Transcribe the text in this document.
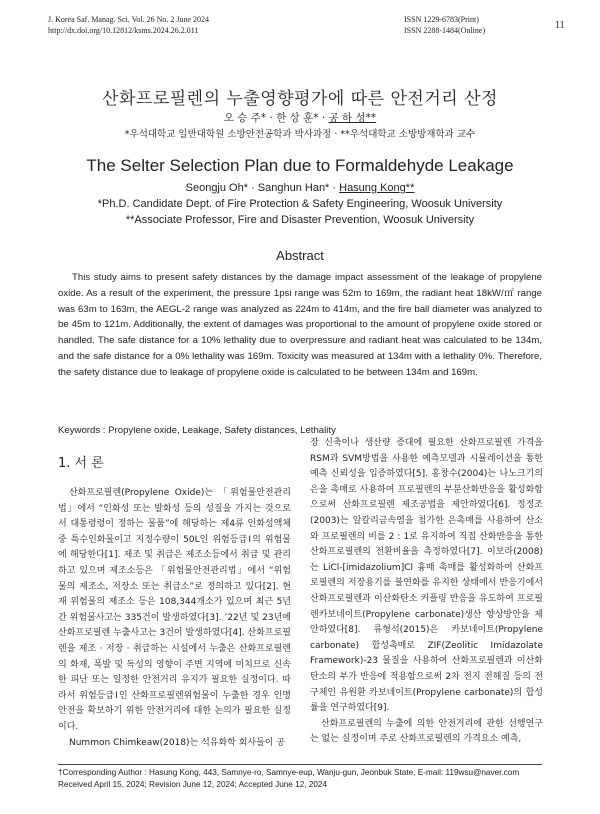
J. Korea Saf. Manag. Sci. Vol. 26 No. 2 June 2024
http://dx.doi.org/10.12812/ksms.2024.26.2.011
ISSN 1229-6783(Print)
ISSN 2288-1484(Online)	11
산화프로필렌의 누출영향평가에 따른 안전거리 산정
오 승 주* · 한 상 훈* · 공 하 성**
*우석대학교 일반대학원 소방안전공학과 박사과정 · **우석대학교 소방방재학과 교수
The Selter Selection Plan due to Formaldehyde Leakage
Seongju Oh* · Sanghun Han* · Hasung Kong**
*Ph.D. Candidate Dept. of Fire Protection & Safety Engineering, Woosuk University
**Associate Professor, Fire and Disaster Prevention, Woosuk University
Abstract

This study aims to present safety distances by the damage impact assessment of the leakage of propylene oxide. As a result of the experiment, the pressure 1psi range was 52m to 169m, the radiant heat 18kW/㎡ range was 63m to 163m, the AEGL-2 range was analyzed as 224m to 414m, and the fire ball diameter was analyzed to be 45m to 121m. Additionally, the extent of damages was proportional to the amount of propylene oxide stored or handled. The safe distance for a 10% lethality due to overpressure and radiant heat was calculated to be 134m, and the safe distance for a 0% lethality was 169m. Toxicity was measured at 134m with a lethality 0%. Therefore, the safety distance due to leakage of propylene oxide is calculated to be between 134m and 169m.

Keywords : Propylene oxide, Leakage, Safety distances, Lethality
1. 서 론

산화프로필렌(Propylene Oxide)는 「위험물안전관리법」에서 “인화성 또는 발화성 등의 성질을 가지는 것으로서 대통령령이 정하는 물품”에 해당하는 제4류 인화성액체 중 특수인화물이고 지정수량이 50L인 위험등급Ⅰ의 위험물에 해당한다[1]. 제조 및 취급은 제조소등에서 취급 및 관리하고 있으며 제조소등은 「위험물안전관리법」에서 “위험물의 제조소, 저장소 또는 취급소”로 정의하고 있다[2]. 현재 위험물의 제조소 등은 108,344개소가 있으며 최근 5년간 위험물사고는 335건이 발생하였다[3]. ’22년 및 23년에 산화프로필렌 누출사고는 3건이 발생하였다[4]. 산화프로필렌을 제조 · 저장 · 취급하는 시설에서 누출은 산화프로필렌의 화재, 폭발 및 독성의 영향이 주변 지역에 미치므로 신속한 피난 또는 일정한 안전거리 유지가 필요한 실정이다. 따라서 위험등급Ⅰ인 산화프로필렌위험물이 누출한 경우 인명안전을 확보하기 위한 안전거리에 대한 논의가 필요한 실정이다.

Nummon Chimkeaw(2018)는 석유화학 회사들이 공

장 신축이나 생산량 증대에 필요한 산화프로필렌 가격을 RSM과 SVM방법을 사용한 예측모델과 시뮬레이션을 통한 예측 신뢰성을 입증하였다[5]. 홍창수(2004)는 나노크기의 은을 촉매로 사용하여 프로필렌의 부분산화반응을 활성화함으로써 산화프로필렌 제조공법을 제안하였다[6]. 정정조(2003)는 알칼리금속염을 첨가한 은촉매를 사용하여 산소와 프로필렌의 비를 2 : 1로 유지하여 직접 산화반응을 통한 산화프로필렌의 전환비율을 측정하였다[7]. 이보라(2008)는 LiCl-[imidazolium]Cl 흉매 촉매를 활성화하여 산화프로필렌의 저장용기를 불연화를 유지한 상태에서 반응기에서 산화프로필렌과 이산화탄소 커플링 반응을 유도하여 프로필렌카보네이트(Propylene carbonate)생산 향상방안을 제안하였다[8]. 류형석(2015)은 카보네이트(Propylene carbonate) 합성촉매로 ZIF(Zeolitic Imidazolate Framework)-23 물질을 사용하여 산화프로필렌과 이산화탄소의 부가 반응에 적용함으로써 2차 전지 전해질 등의 전구체인 유원환 카보네이트(Propylene carbonate)의 합성률을 연구하였다[9].

산화프로필렌의 누출에 의한 안전거리에 관한 선행연구는 없는 실정이며 주로 산화프로필렌의 가격요소 예측,

†Corresponding Author : Hasung Kong, 443, Samnye-ro, Samnye-eup, Wanju-gun, Jeonbuk State, E-mail: 119wsu@naver.com
Received April 15, 2024; Revision June 12, 2024; Accepted June 12, 2024
